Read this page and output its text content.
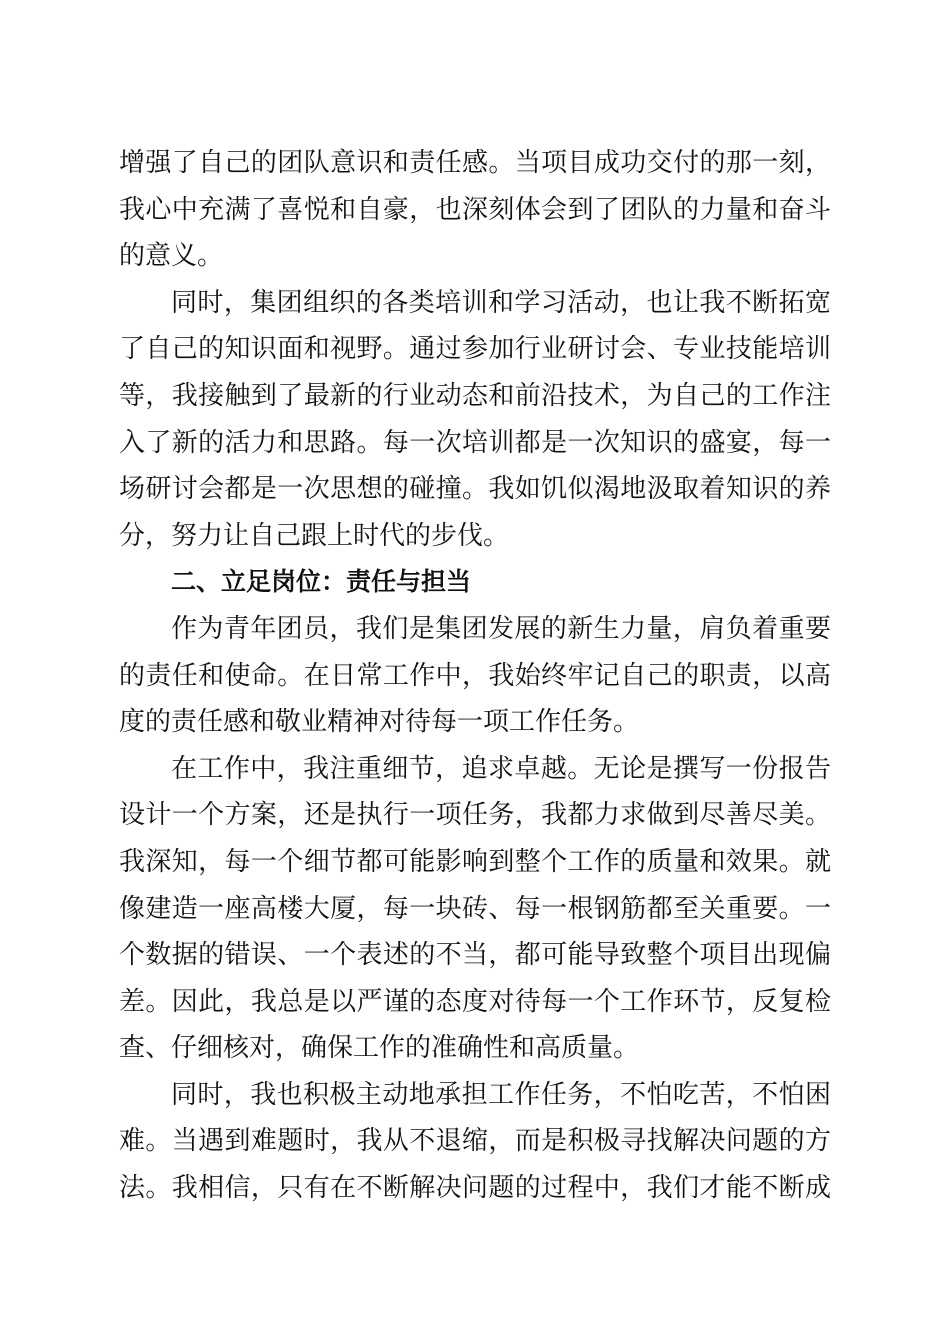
增强了自己的团队意识和责任感。当项目成功交付的那一刻，
我心中充满了喜悦和自豪，也深刻体会到了团队的力量和奋斗
的意义。
同时，集团组织的各类培训和学习活动，也让我不断拓宽
了自己的知识面和视野。通过参加行业研讨会、专业技能培训
等，我接触到了最新的行业动态和前沿技术，为自己的工作注
入了新的活力和思路。每一次培训都是一次知识的盛宴，每一
场研讨会都是一次思想的碰撞。我如饥似渴地汲取着知识的养
分，努力让自己跟上时代的步伐。
二、立足岗位：责任与担当
作为青年团员，我们是集团发展的新生力量，肩负着重要
的责任和使命。在日常工作中，我始终牢记自己的职责，以高
度的责任感和敬业精神对待每一项工作任务。
在工作中，我注重细节，追求卓越。无论是撰写一份报告
设计一个方案，还是执行一项任务，我都力求做到尽善尽美。
我深知，每一个细节都可能影响到整个工作的质量和效果。就
像建造一座高楼大厦，每一块砖、每一根钢筋都至关重要。一
个数据的错误、一个表述的不当，都可能导致整个项目出现偏
差。因此，我总是以严谨的态度对待每一个工作环节，反复检
查、仔细核对，确保工作的准确性和高质量。
同时，我也积极主动地承担工作任务，不怕吃苦，不怕困
难。当遇到难题时，我从不退缩，而是积极寻找解决问题的方
法。我相信，只有在不断解决问题的过程中，我们才能不断成
